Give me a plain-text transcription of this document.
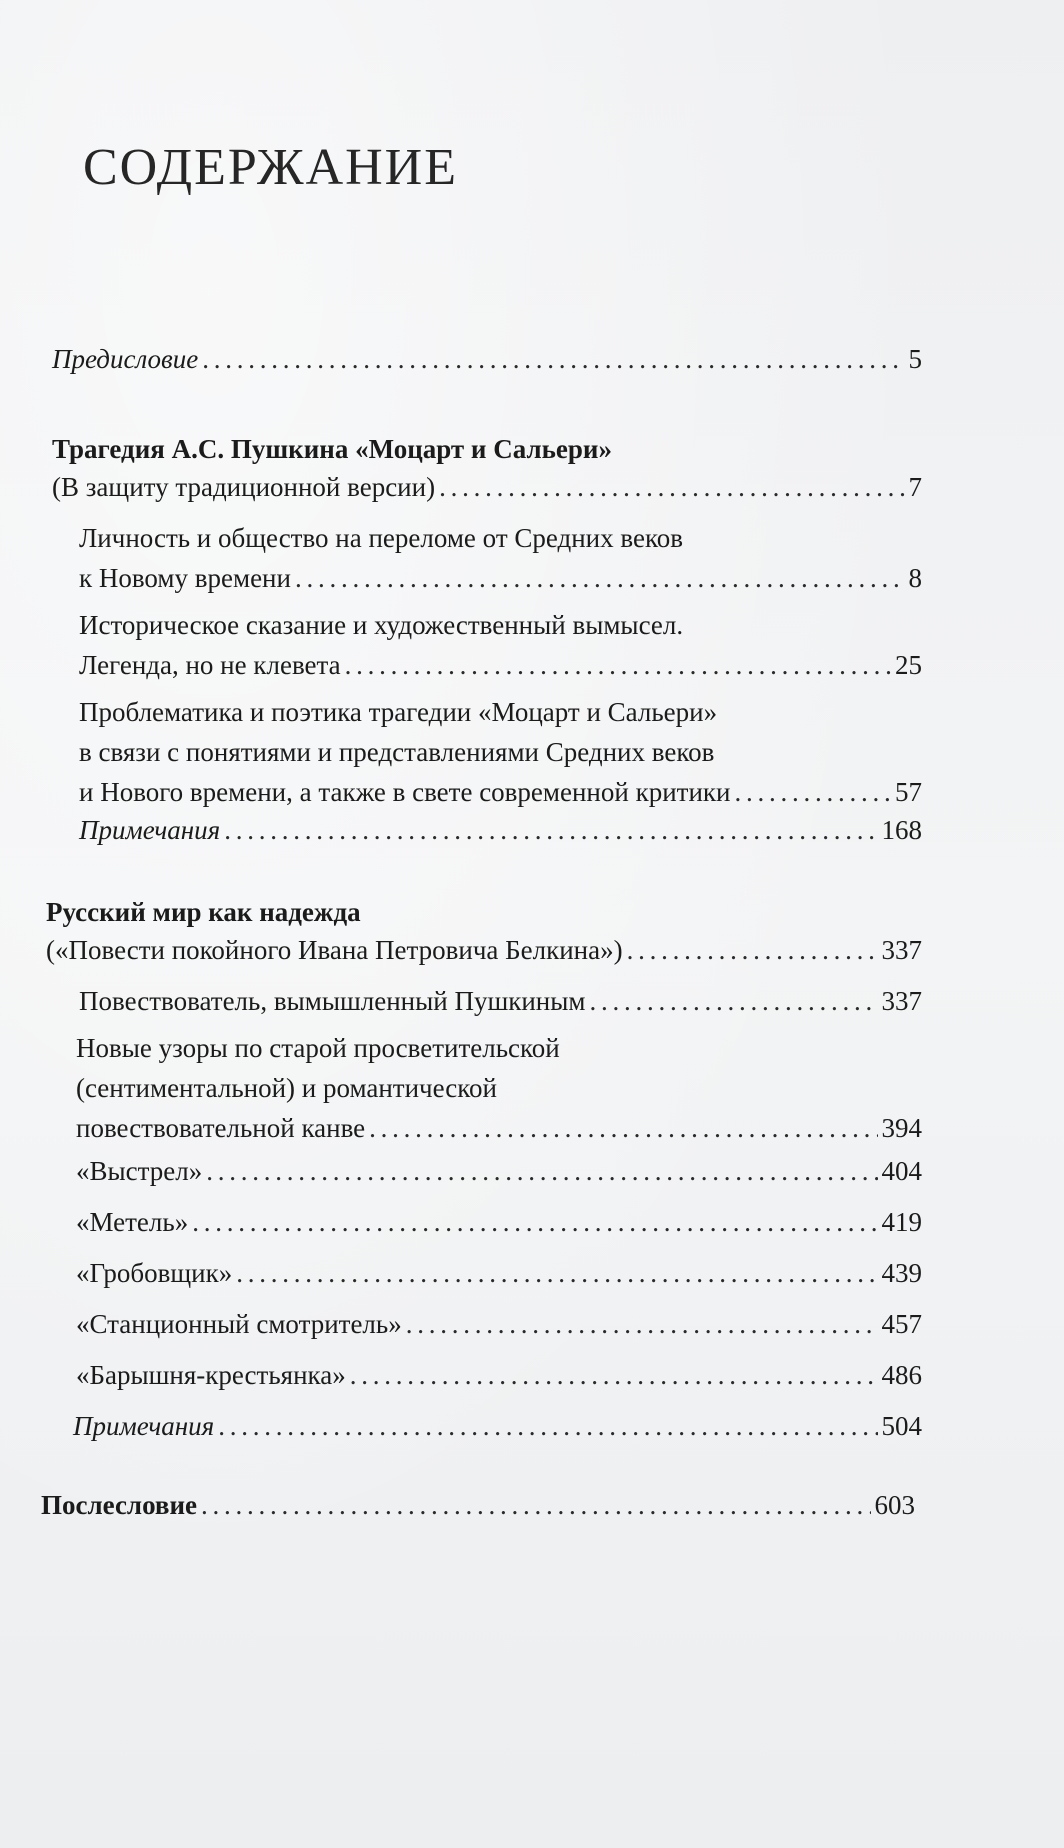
СОДЕРЖАНИЕ
Предисловие . . .	5
Трагедия А.С. Пушкина «Моцарт и Сальери»
(В защиту традиционной версии) . . .	7
Личность и общество на переломе от Средних веков
к Новому времени . . .	8
Историческое сказание и художественный вымысел.
Легенда, но не клевета . . .	25
Проблематика и поэтика трагедии «Моцарт и Сальери»
в связи с понятиями и представлениями Средних веков
и Нового времени, а также в свете современной критики . . .	57
Примечания . . .	168
Русский мир как надежда
(«Повести покойного Ивана Петровича Белкина») . . .	337
Повествователь, вымышленный Пушкиным . . .	337
Новые узоры по старой просветительской
(сентиментальной) и романтической
повествовательной канве . . .	394
«Выстрел» . . .	404
«Метель» . . .	419
«Гробовщик» . . .	439
«Станционный смотритель» . . .	457
«Барышня-крестьянка» . . .	486
Примечания . . .	504
Послесловие . . .	603
